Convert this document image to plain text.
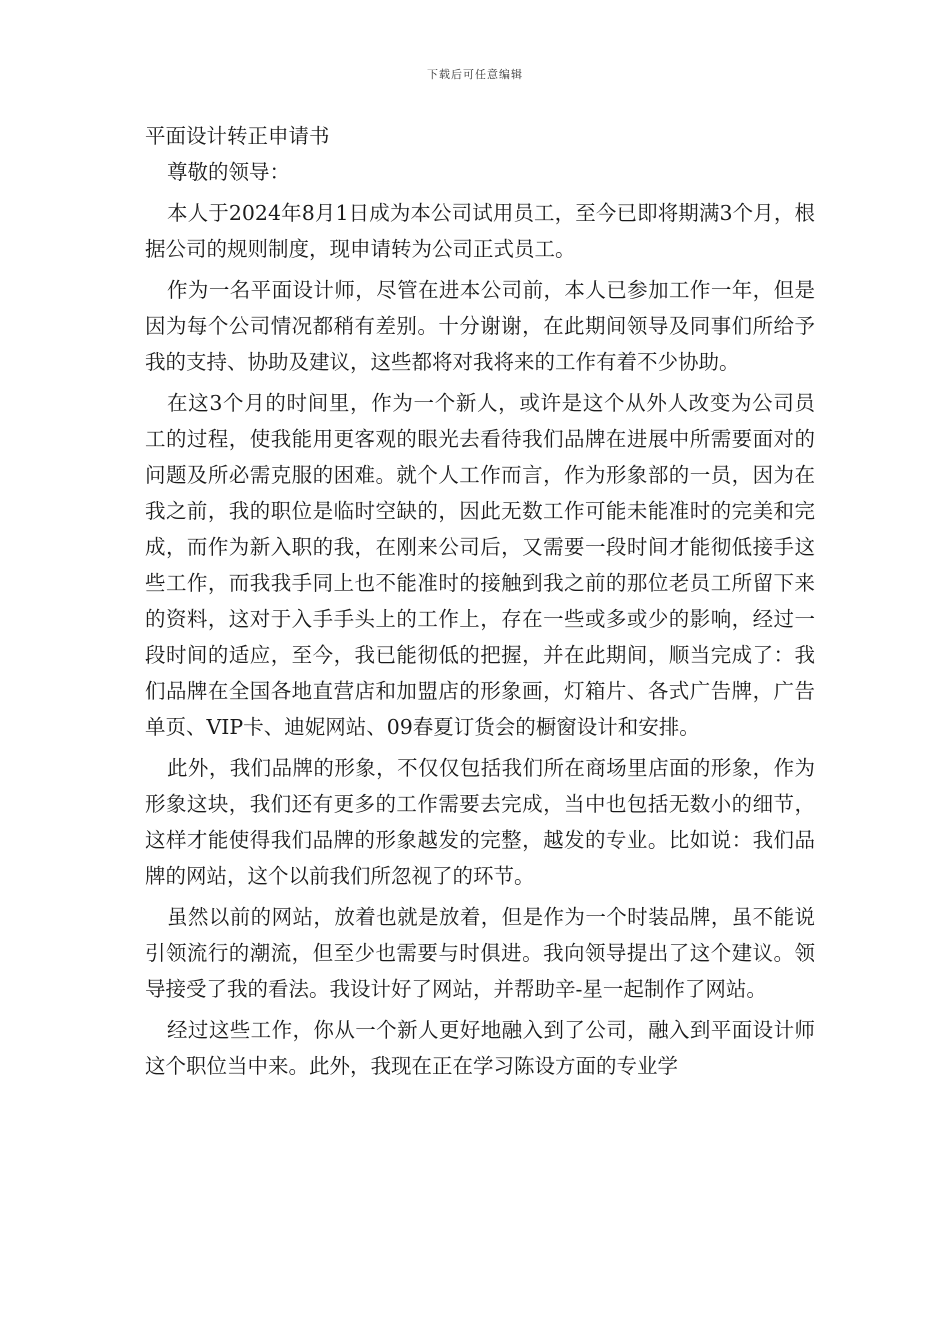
下载后可任意编辑
平面设计转正申请书

尊敬的领导：

本人于2024年8月1日成为本公司试用员工，至今已即将期满3个月，根据公司的规则制度，现申请转为公司正式员工。

作为一名平面设计师，尽管在进本公司前，本人已参加工作一年，但是因为每个公司情况都稍有差别。十分谢谢，在此期间领导及同事们所给予我的支持、协助及建议，这些都将对我将来的工作有着不少协助。

在这3个月的时间里，作为一个新人，或许是这个从外人改变为公司员工的过程，使我能用更客观的眼光去看待我们品牌在进展中所需要面对的问题及所必需克服的困难。就个人工作而言，作为形象部的一员，因为在我之前，我的职位是临时空缺的，因此无数工作可能未能准时的完美和完成，而作为新入职的我，在刚来公司后，又需要一段时间才能彻低接手这些工作，而我我手同上也不能准时的接触到我之前的那位老员工所留下来的资料，这对于入手手头上的工作上，存在一些或多或少的影响，经过一段时间的适应，至今，我已能彻低的把握，并在此期间，顺当完成了：我们品牌在全国各地直营店和加盟店的形象画，灯箱片、各式广告牌，广告单页、VIP卡、迪妮网站、09春夏订货会的橱窗设计和安排。

此外，我们品牌的形象，不仅仅包括我们所在商场里店面的形象，作为形象这块，我们还有更多的工作需要去完成，当中也包括无数小的细节，这样才能使得我们品牌的形象越发的完整，越发的专业。比如说：我们品牌的网站，这个以前我们所忽视了的环节。

虽然以前的网站，放着也就是放着，但是作为一个时装品牌，虽不能说引领流行的潮流，但至少也需要与时俱进。我向领导提出了这个建议。领导接受了我的看法。我设计好了网站，并帮助辛-星一起制作了网站。

经过这些工作，你从一个新人更好地融入到了公司，融入到平面设计师这个职位当中来。此外，我现在正在学习陈设方面的专业学
